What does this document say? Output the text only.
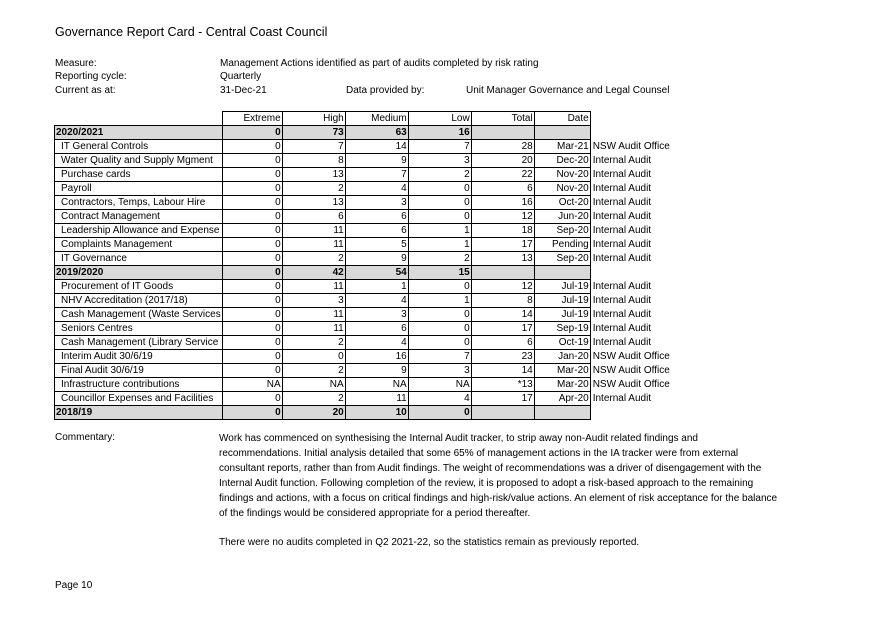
Governance Report Card - Central Coast Council
Measure:	Management Actions identified as part of audits completed by risk rating
Reporting cycle:	Quarterly
Current as at:	31-Dec-21	Data provided by:	Unit Manager Governance and Legal Counsel
	Extreme	High	Medium	Low	Total	Date	
2020/2021	0	73	63	16			
IT General Controls	0	7	14	7	28	Mar-21	NSW Audit Office
Water Quality and Supply Mgment	0	8	9	3	20	Dec-20	Internal Audit
Purchase cards	0	13	7	2	22	Nov-20	Internal Audit
Payroll	0	2	4	0	6	Nov-20	Internal Audit
Contractors, Temps, Labour Hire	0	13	3	0	16	Oct-20	Internal Audit
Contract Management	0	6	6	0	12	Jun-20	Internal Audit
Leadership Allowance and Expense	0	11	6	1	18	Sep-20	Internal Audit
Complaints Management	0	11	5	1	17	Pending	Internal Audit
IT Governance	0	2	9	2	13	Sep-20	Internal Audit
2019/2020	0	42	54	15			
Procurement of IT Goods	0	11	1	0	12	Jul-19	Internal Audit
NHV Accreditation (2017/18)	0	3	4	1	8	Jul-19	Internal Audit
Cash Management (Waste Services	0	11	3	0	14	Jul-19	Internal Audit
Seniors Centres	0	11	6	0	17	Sep-19	Internal Audit
Cash Management (Library Service	0	2	4	0	6	Oct-19	Internal Audit
Interim Audit 30/6/19	0	0	16	7	23	Jan-20	NSW Audit Office
Final Audit 30/6/19	0	2	9	3	14	Mar-20	NSW Audit Office
Infrastructure contributions	NA	NA	NA	NA	*13	Mar-20	NSW Audit Office
Councillor Expenses and Facilities	0	2	11	4	17	Apr-20	Internal Audit
2018/19	0	20	10	0			
Commentary:	Work has commenced on synthesising the Internal Audit tracker, to strip away non-Audit related findings and recommendations. Initial analysis detailed that some 65% of management actions in the IA tracker were from external consultant reports, rather than from Audit findings. The weight of recommendations was a driver of disengagement with the Internal Audit function. Following completion of the review, it is proposed to adopt a risk-based approach to the remaining findings and actions, with a focus on critical findings and high-risk/value actions. An element of risk acceptance for the balance of the findings would be considered appropriate for a period thereafter.

There were no audits completed in Q2 2021-22, so the statistics remain as previously reported.

Page 10
